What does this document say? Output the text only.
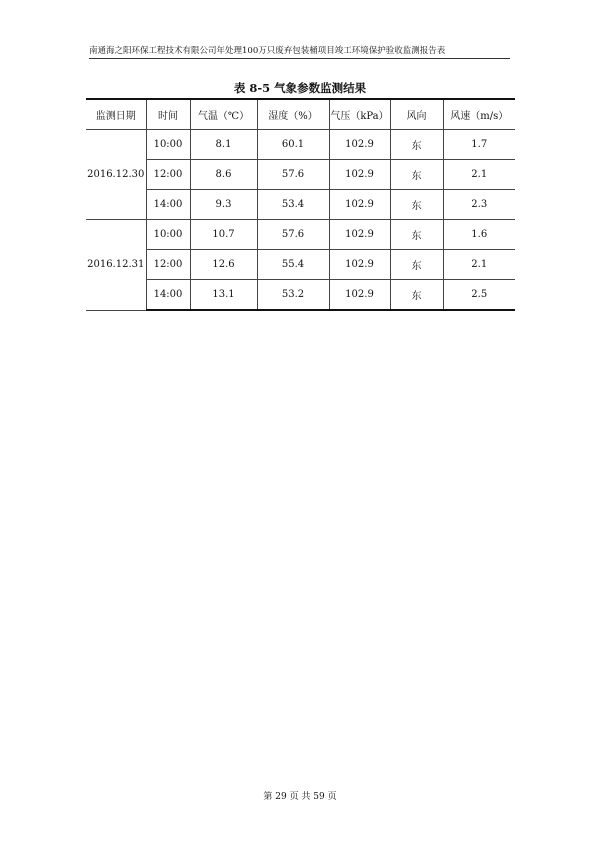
南通海之阳环保工程技术有限公司年处理100万只废弃包装桶项目竣工环境保护验收监测报告表
表 8-5 气象参数监测结果
监测日期	时间	气温（℃）	湿度（%）	气压（kPa）	风向	风速（m/s）
2016.12.30	10:00	8.1	60.1	102.9	东	1.7
	12:00	8.6	57.6	102.9	东	2.1
	14:00	9.3	53.4	102.9	东	2.3
2016.12.31	10:00	10.7	57.6	102.9	东	1.6
	12:00	12.6	55.4	102.9	东	2.1
	14:00	13.1	53.2	102.9	东	2.5
第 29 页 共 59 页
